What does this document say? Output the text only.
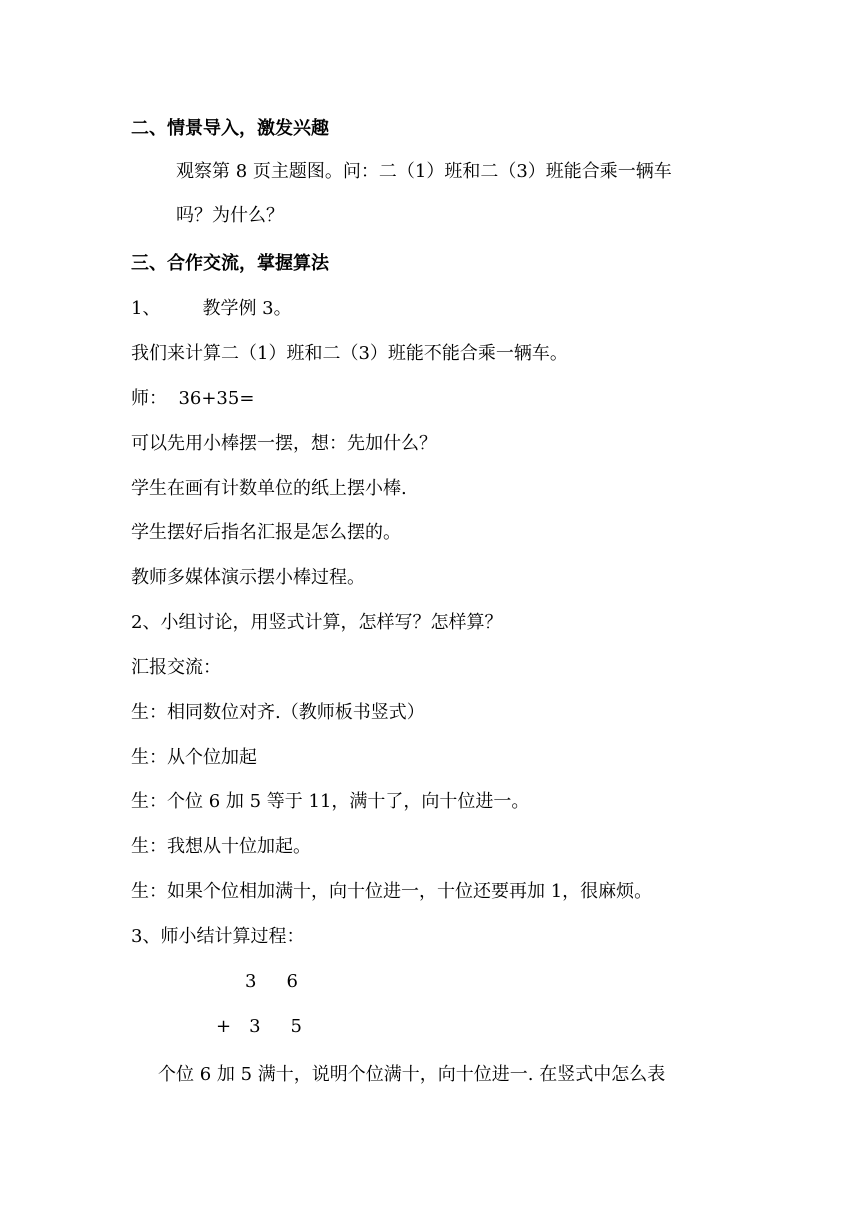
二、情景导入，激发兴趣
观察第 8 页主题图。问：二（1）班和二（3）班能合乘一辆车
吗？为什么？
三、合作交流，掌握算法
1、 教学例 3。
我们来计算二（1）班和二（3）班能不能合乘一辆车。
师：  36+35=
可以先用小棒摆一摆，想：先加什么？
学生在画有计数单位的纸上摆小棒.
学生摆好后指名汇报是怎么摆的。
教师多媒体演示摆小棒过程。
2、小组讨论，用竖式计算，怎样写？怎样算？
汇报交流：
生：相同数位对齐.（教师板书竖式）
生：从个位加起
生：个位 6 加 5 等于 11，满十了，向十位进一。
生：我想从十位加起。
生：如果个位相加满十，向十位进一，十位还要再加 1，很麻烦。
3、师小结计算过程：
3 6
+ 3 5
个位 6 加 5 满十，说明个位满十，向十位进一. 在竖式中怎么表
